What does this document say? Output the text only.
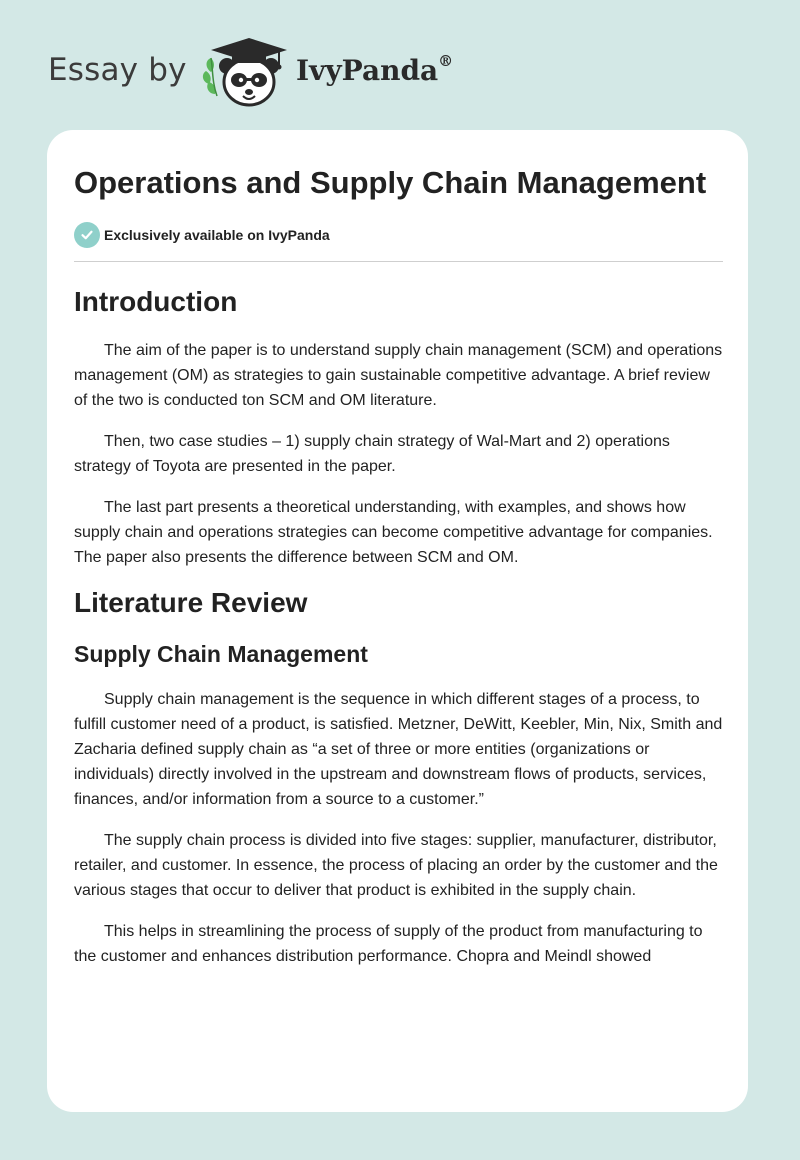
Essay by	IvyPanda®
Operations and Supply Chain Management
Exclusively available on IvyPanda
Introduction

The aim of the paper is to understand supply chain management (SCM) and operations management (OM) as strategies to gain sustainable competitive advantage. A brief review of the two is conducted ton SCM and OM literature.

Then, two case studies – 1) supply chain strategy of Wal-Mart and 2) operations strategy of Toyota are presented in the paper.

The last part presents a theoretical understanding, with examples, and shows how supply chain and operations strategies can become competitive advantage for companies. The paper also presents the difference between SCM and OM.

Literature Review
Supply Chain Management

Supply chain management is the sequence in which different stages of a process, to fulfill customer need of a product, is satisfied. Metzner, DeWitt, Keebler, Min, Nix, Smith and Zacharia defined supply chain as “a set of three or more entities (organizations or individuals) directly involved in the upstream and downstream flows of products, services, finances, and/or information from a source to a customer.”

The supply chain process is divided into five stages: supplier, manufacturer, distributor, retailer, and customer. In essence, the process of placing an order by the customer and the various stages that occur to deliver that product is exhibited in the supply chain.

This helps in streamlining the process of supply of the product from manufacturing to the customer and enhances distribution performance. Chopra and Meindl showed
